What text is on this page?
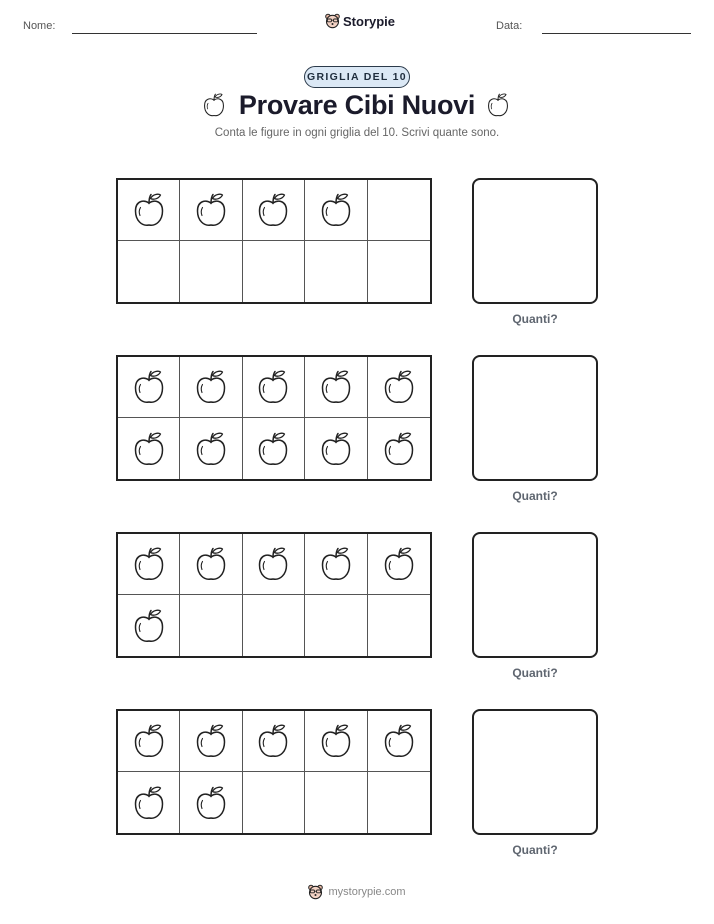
Nome:	Storypie	Data:
GRIGLIA DEL 10
Provare Cibi Nuovi
Conta le figure in ogni griglia del 10. Scrivi quante sono.
Quanti?
Quanti?
Quanti?
Quanti?
mystorypie.com
